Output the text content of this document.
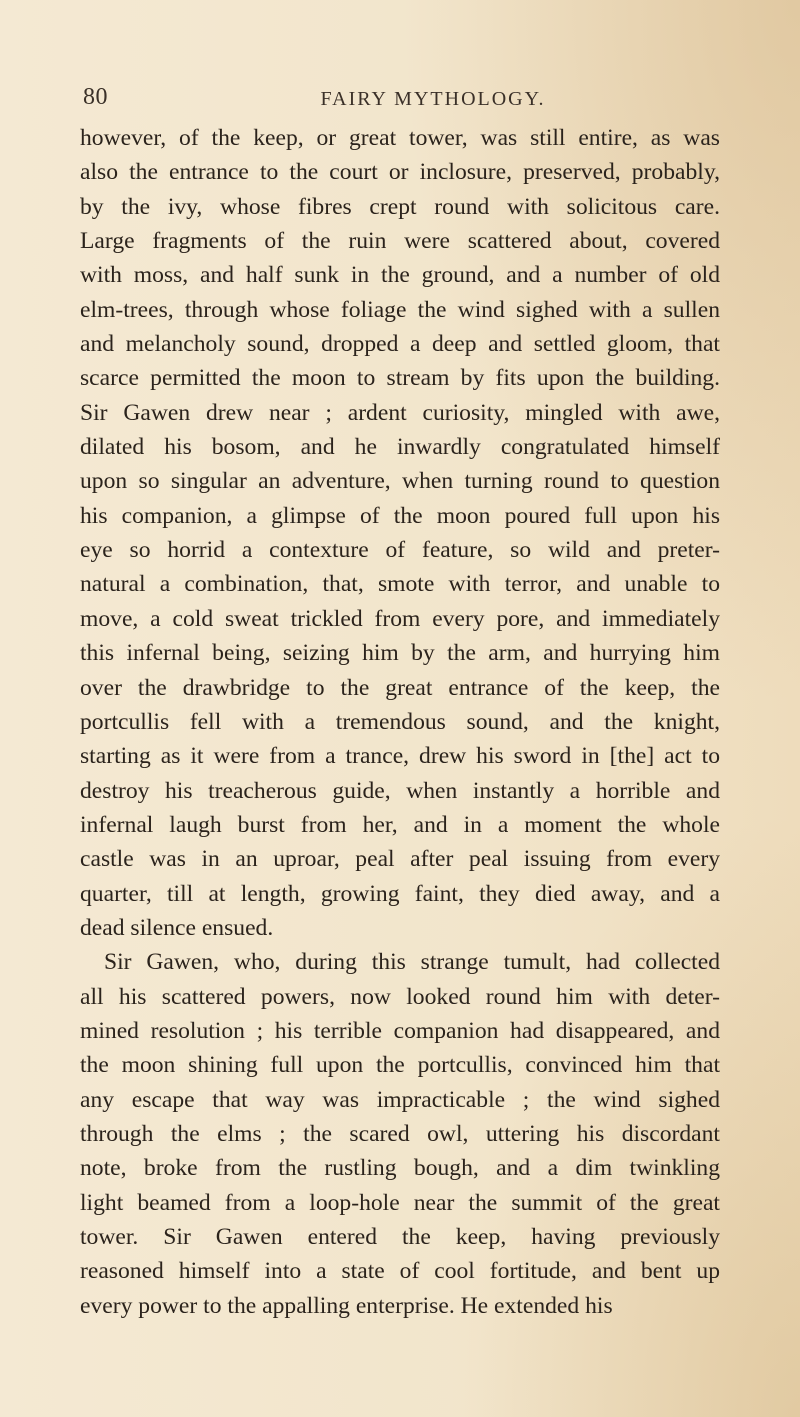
80	FAIRY MYTHOLOGY.
however, of the keep, or great tower, was still entire, as was
also the entrance to the court or inclosure, preserved, probably,
by the ivy, whose fibres crept round with solicitous care.
Large fragments of the ruin were scattered about, covered
with moss, and half sunk in the ground, and a number of old
elm-trees, through whose foliage the wind sighed with a sullen
and melancholy sound, dropped a deep and settled gloom, that
scarce permitted the moon to stream by fits upon the building.
Sir Gawen drew near ; ardent curiosity, mingled with awe,
dilated his bosom, and he inwardly congratulated himself
upon so singular an adventure, when turning round to question
his companion, a glimpse of the moon poured full upon his
eye so horrid a contexture of feature, so wild and preter-
natural a combination, that, smote with terror, and unable to
move, a cold sweat trickled from every pore, and immediately
this infernal being, seizing him by the arm, and hurrying him
over the drawbridge to the great entrance of the keep, the
portcullis fell with a tremendous sound, and the knight,
starting as it were from a trance, drew his sword in [the] act to
destroy his treacherous guide, when instantly a horrible and
infernal laugh burst from her, and in a moment the whole
castle was in an uproar, peal after peal issuing from every
quarter, till at length, growing faint, they died away, and a
dead silence ensued.
Sir Gawen, who, during this strange tumult, had collected
all his scattered powers, now looked round him with deter-
mined resolution ; his terrible companion had disappeared, and
the moon shining full upon the portcullis, convinced him that
any escape that way was impracticable ; the wind sighed
through the elms ; the scared owl, uttering his discordant
note, broke from the rustling bough, and a dim twinkling
light beamed from a loop-hole near the summit of the great
tower. Sir Gawen entered the keep, having previously
reasoned himself into a state of cool fortitude, and bent up
every power to the appalling enterprise. He extended his
